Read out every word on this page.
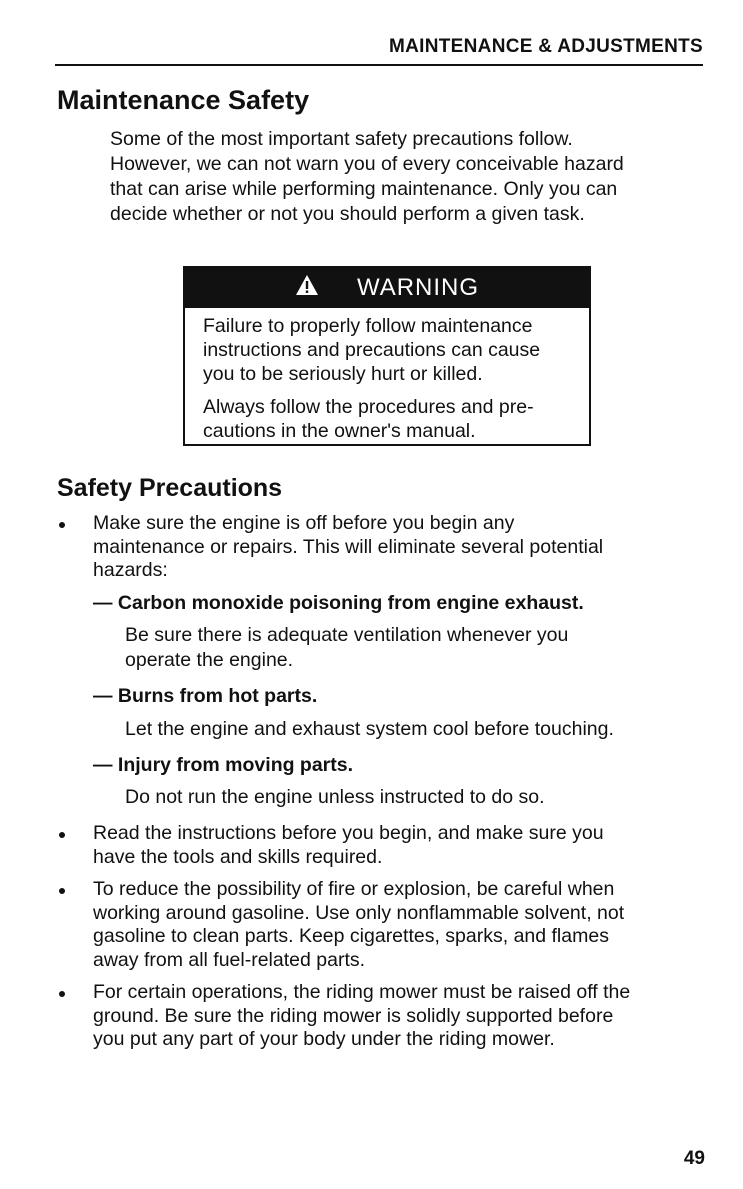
MAINTENANCE & ADJUSTMENTS
Maintenance Safety
Some of the most important safety precautions follow.
However, we can not warn you of every conceivable hazard
that can arise while performing maintenance. Only you can
decide whether or not you should perform a given task.
WARNING

Failure to properly follow maintenance
instructions and precautions can cause
you to be seriously hurt or killed.

Always follow the procedures and pre-
cautions in the owner's manual.

Safety Precautions
Make sure the engine is off before you begin any
maintenance or repairs. This will eliminate several potential
hazards:
— Carbon monoxide poisoning from engine exhaust.
Be sure there is adequate ventilation whenever you
operate the engine.
— Burns from hot parts.
Let the engine and exhaust system cool before touching.
— Injury from moving parts.
Do not run the engine unless instructed to do so.
Read the instructions before you begin, and make sure you
have the tools and skills required.
To reduce the possibility of fire or explosion, be careful when
working around gasoline. Use only nonflammable solvent, not
gasoline to clean parts. Keep cigarettes, sparks, and flames
away from all fuel-related parts.
For certain operations, the riding mower must be raised off the
ground. Be sure the riding mower is solidly supported before
you put any part of your body under the riding mower.
49
